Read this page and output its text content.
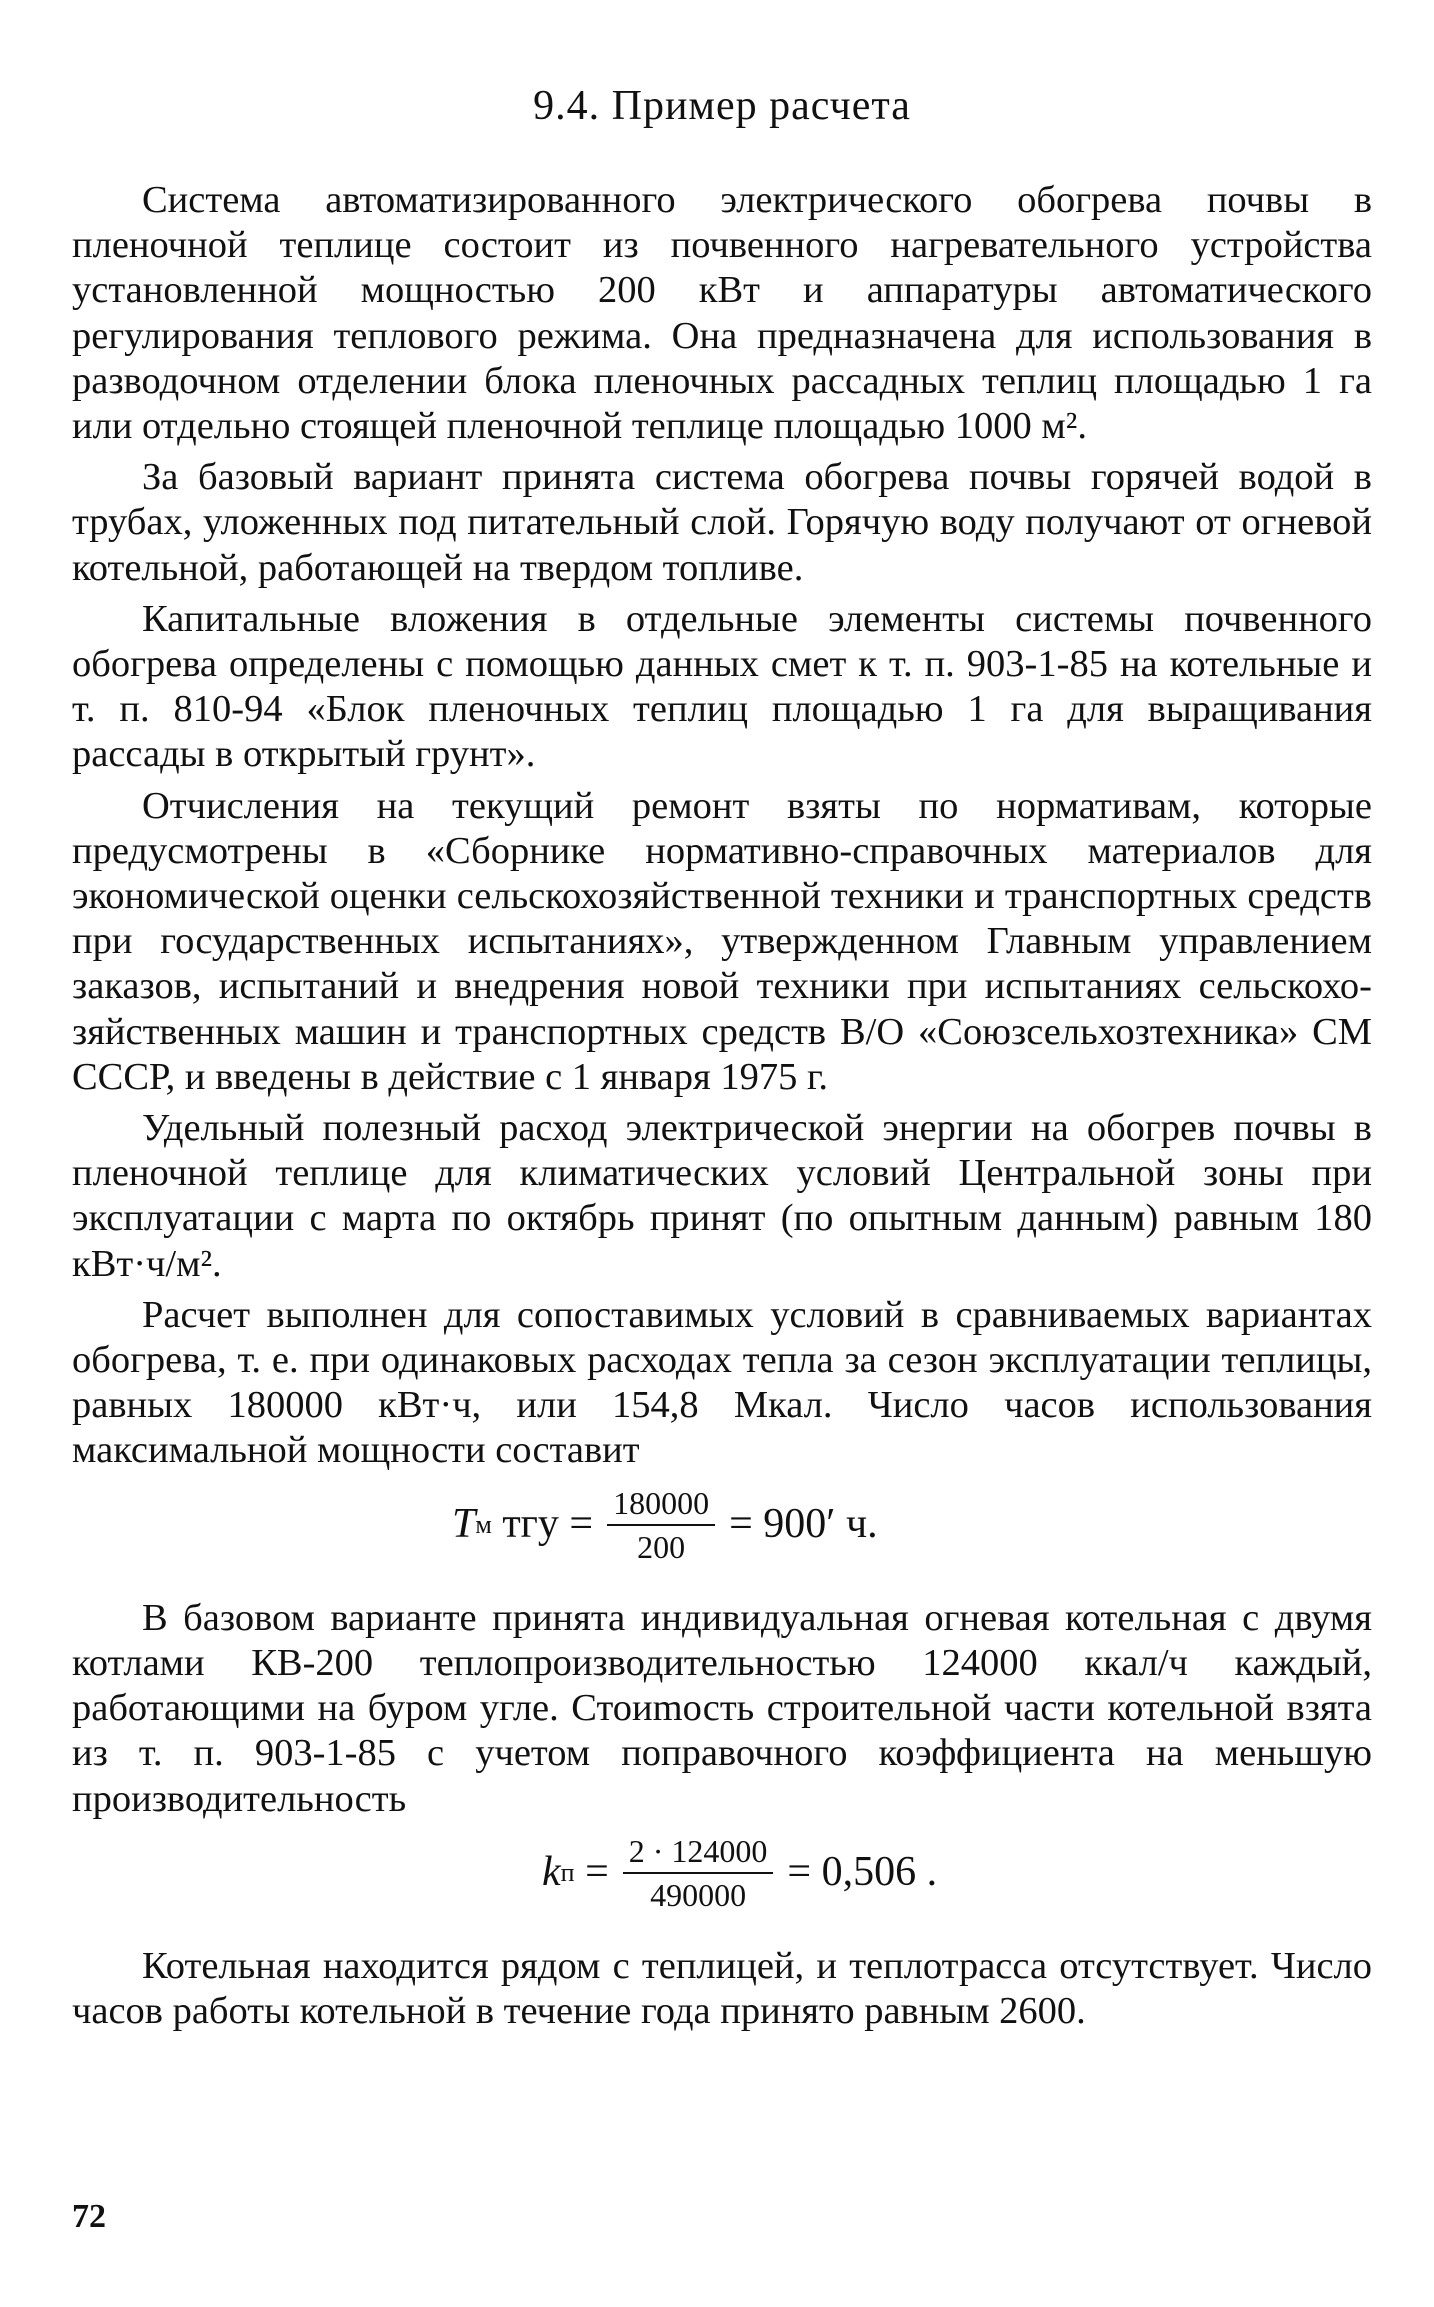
9.4. Пример расчета

Система автоматизированного электрического обогрева почвы в пленочной теплице состоит из почвенного нагревательного устройства установленной мощностью 200 кВт и аппаратуры автоматического регулирования теплового режима. Она предназначена для использования в разводочном отделении блока пленочных рассадных теплиц площадью 1 га или отдельно стоящей пленочной теплице площадью 1000 м².

За базовый вариант принята система обогрева почвы горячей водой в трубах, уложенных под питательный слой. Горячую воду получают от огневой котельной, работающей на твердом топливе.

Капитальные вложения в отдельные элементы системы почвенного обогрева определены с помощью данных смет к т. п. 903-1-85 на котельные и т. п. 810-94 «Блок пленочных теплиц площадью 1 га для выращивания рассады в открытый грунт».

Отчисления на текущий ремонт взяты по нормативам, которые предусмотрены в «Сборнике нормативно-справочных материалов для экономической оценки сельскохозяйственной техники и транспортных средств при государственных испытаниях», утвержденном Главным управлением заказов, испытаний и внедрения новой техники при испытаниях сельскохозяйственных машин и транспортных средств В/О «Союзсельхозтехника» СМ СССР, и введены в действие с 1 января 1975 г.

Удельный полезный расход электрической энергии на обогрев почвы в пленочной теплице для климатических условий Центральной зоны при эксплуатации с марта по октябрь принят (по опытным данным) равным 180 кВт·ч/м².

Расчет выполнен для сопоставимых условий в сравниваемых вариантах обогрева, т. е. при одинаковых расходах тепла за сезон эксплуатации теплицы, равных 180000 кВт·ч, или 154,8 Мкал. Число часов использования максимальной мощности составит

T м
тгу
= $\frac{180000}{200} = 900'$ ч.

В базовом варианте принята индивидуальная огневая котельная с двумя котлами КВ-200 теплопроизводительностью 124000 ккал/ч каждый, работающими на буром угле. Стоиmость строительной части котельной взята из т. п. 903-1-85 с учетом поправочного коэффициента на меньшую производительность

k п
= $\frac{2 \cdot 124000}{490000} = 0,506$ .

Котельная находится рядом с теплицей, и теплотрасса отсутствует. Число часов работы котельной в течение года принято равным 2600.

72
